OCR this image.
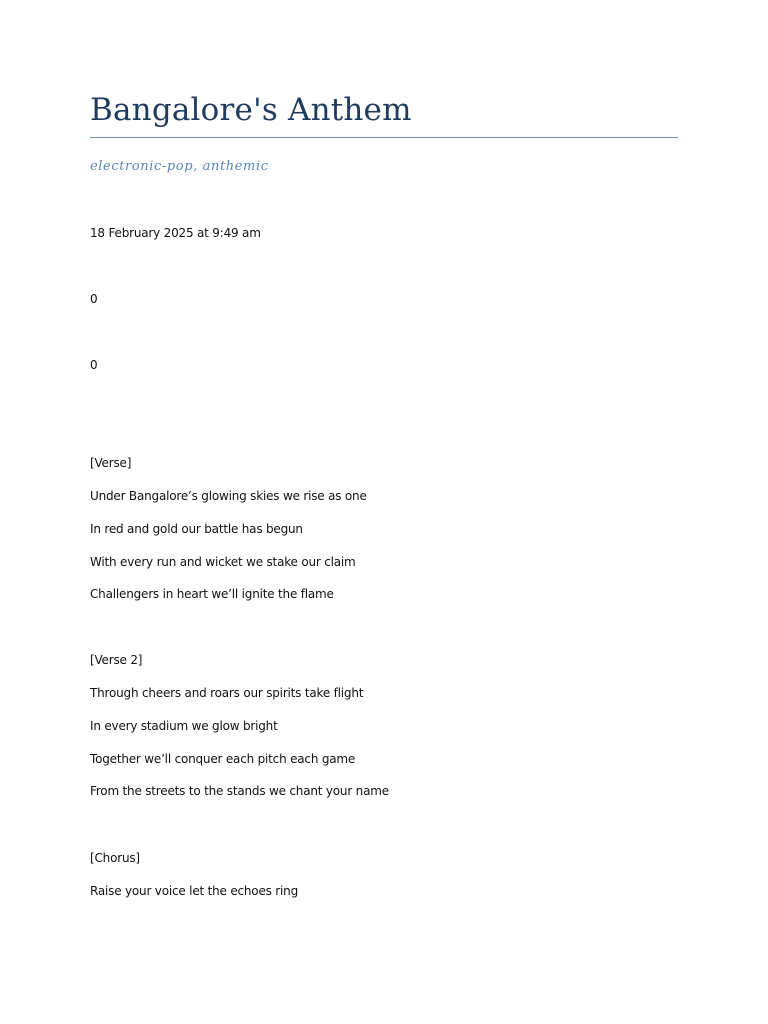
Bangalore's Anthem
electronic-pop, anthemic
18 February 2025 at 9:49 am
0
0
[Verse]
Under Bangalore’s glowing skies we rise as one
In red and gold our battle has begun
With every run and wicket we stake our claim
Challengers in heart we’ll ignite the flame
[Verse 2]
Through cheers and roars our spirits take flight
In every stadium we glow bright
Together we’ll conquer each pitch each game
From the streets to the stands we chant your name
[Chorus]
Raise your voice let the echoes ring
